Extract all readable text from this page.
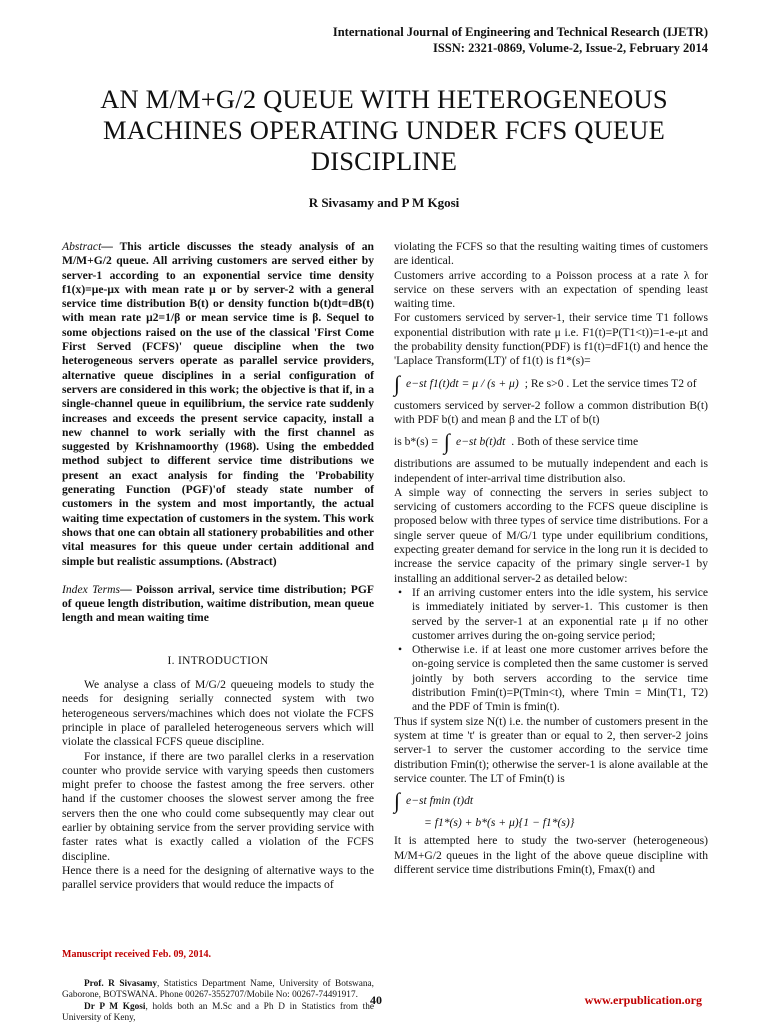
International Journal of Engineering and Technical Research (IJETR)
ISSN: 2321-0869, Volume-2, Issue-2, February 2014
AN M/M+G/2 QUEUE WITH HETEROGENEOUS MACHINES OPERATING UNDER FCFS QUEUE DISCIPLINE
R Sivasamy and P M Kgosi

Abstract— This article discusses the steady analysis of an M/M+G/2 queue. All arriving customers are served either by server-1 according to an exponential service time density f1(x)=μe-μx with mean rate μ or by server-2 with a general service time distribution B(t) or density function b(t)dt=dB(t) with mean rate μ2=1/β or mean service time is β. Sequel to some objections raised on the use of the classical 'First Come First Served (FCFS)' queue discipline when the two heterogeneous servers operate as parallel service providers, alternative queue disciplines in a serial configuration of servers are considered in this work; the objective is that if, in a single-channel queue in equilibrium, the service rate suddenly increases and exceeds the present service capacity, install a new channel to work serially with the first channel as suggested by Krishnamoorthy (1968). Using the embedded method subject to different service time distributions we present an exact analysis for finding the 'Probability generating Function (PGF)'of steady state number of customers in the system and most importantly, the actual waiting time expectation of customers in the system. This work shows that one can obtain all stationery probabilities and other vital measures for this queue under certain additional and simple but realistic assumptions. (Abstract)

Index Terms— Poisson arrival, service time distribution; PGF of queue length distribution, waitime distribution, mean queue length and mean waiting time

I. INTRODUCTION

We analyse a class of M/G/2 queueing models to study the needs for designing serially connected system with two heterogeneous servers/machines which does not violate the FCFS principle in place of paralleled heterogeneous servers which will violate the classical FCFS queue discipline.

For instance, if there are two parallel clerks in a reservation counter who provide service with varying speeds then customers might prefer to choose the fastest among the free servers. other hand if the customer chooses the slowest server among the free servers then the one who could come subsequently may clear out earlier by obtaining service from the server providing service with faster rates what is exactly called a violation of the FCFS discipline.

Hence there is a need for the designing of alternative ways to the parallel service providers that would reduce the impacts of

Manuscript received Feb. 09, 2014.

Prof. R Sivasamy, Statistics Department Name, University of Botswana, Gaborone, BOTSWANA. Phone 00267-3552707/Mobile No: 00267-74491917.

Dr P M Kgosi, holds both an M.Sc and a Ph D in Statistics from the University of Keny,

violating the FCFS so that the resulting waiting times of customers are identical.

Customers arrive according to a Poisson process at a rate λ for service on these servers with an expectation of spending least waiting time.

For customers serviced by server-1, their service time T1 follows exponential distribution with rate μ i.e. F1(t)=P(T1<t))=1-e-μt and the probability density function(PDF) is f1(t)=dF1(t) and hence the 'Laplace Transform(LT)' of f1(t) is f1*(s)=

∫ e−st f1(t)dt = μ / (s + μ) ; Re s>0 . Let the service times T2 of

customers serviced by server-2 follow a common distribution B(t) with PDF b(t) and mean β and the LT of b(t)

is b*(s) = ∫ e−st b(t)dt . Both of these service time

distributions are assumed to be mutually independent and each is independent of inter-arrival time distribution also.

A simple way of connecting the servers in series subject to servicing of customers according to the FCFS queue discipline is proposed below with three types of service time distributions. For a single server queue of M/G/1 type under equilibrium conditions, expecting greater demand for service in the long run it is decided to increase the service capacity of the primary single server-1 by installing an additional server-2 as detailed below:

• If an arriving customer enters into the idle system, his service is immediately initiated by server-1. This customer is then served by the server-1 at an exponential rate μ if no other customer arrives during the on-going service period;
• Otherwise i.e. if at least one more customer arrives before the on-going service is completed then the same customer is served jointly by both servers according to the service time distribution Fmin(t)=P(Tmin<t), where Tmin = Min(T1, T2) and the PDF of Tmin is fmin(t).

Thus if system size N(t) i.e. the number of customers present in the system at time 't' is greater than or equal to 2, then server-2 joins server-1 to server the customer according to the service time distribution Fmin(t); otherwise the server-1 is alone available at the service counter. The LT of Fmin(t) is

∫ e−st fmin (t)dt
= f1*(s) + b*(s + μ){1 − f1*(s)}

It is attempted here to study the two-server (heterogeneous) M/M+G/2 queues in the light of the above queue discipline with different service time distributions Fmin(t), Fmax(t) and

40	www.erpublication.org
